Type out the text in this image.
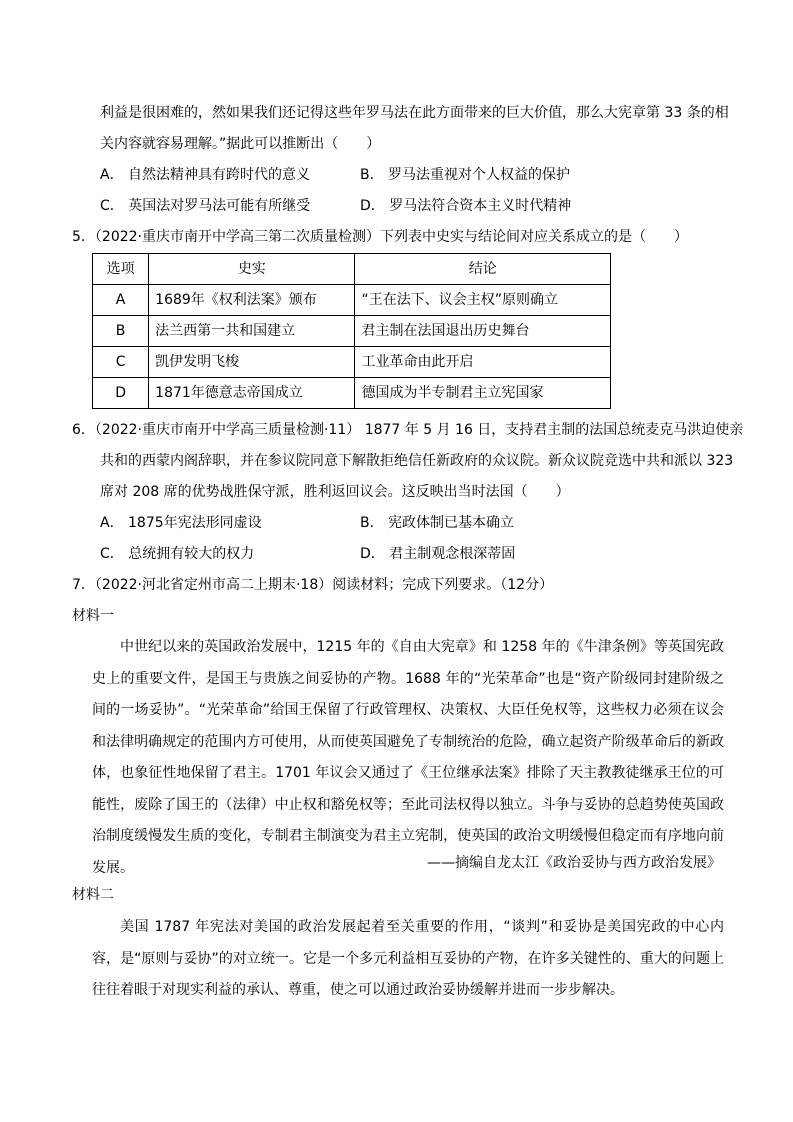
利益是很困难的，然如果我们还记得这些年罗马法在此方面带来的巨大价值，那么大宪章第 33 条的相
关内容就容易理解。”据此可以推断出（　　）
A． 自然法精神具有跨时代的意义	B． 罗马法重视对个人权益的保护
C． 英国法对罗马法可能有所继受	D． 罗马法符合资本主义时代精神
5．（2022·重庆市南开中学高三第二次质量检测）下列表中史实与结论间对应关系成立的是（　　）
选项	史实	结论
A	1689年《权利法案》颁布	“王在法下、议会主权”原则确立
B	法兰西第一共和国建立	君主制在法国退出历史舞台
C	凯伊发明飞梭	工业革命由此开启
D	1871年德意志帝国成立	德国成为半专制君主立宪国家
6．（2022·重庆市南开中学高三质量检测·11） 1877 年 5 月 16 日，支持君主制的法国总统麦克马洪迫使亲
共和的西蒙内阁辞职，并在参议院同意下解散拒绝信任新政府的众议院。新众议院竞选中共和派以 323
席对 208 席的优势战胜保守派，胜利返回议会。这反映出当时法国（　　）
A． 1875年宪法形同虚设	B． 宪政体制已基本确立
C． 总统拥有较大的权力	D． 君主制观念根深蒂固
7．（2022·河北省定州市高二上期末·18）阅读材料；完成下列要求。（12分）
材料一
中世纪以来的英国政治发展中，1215 年的《自由大宪章》和 1258 年的《牛津条例》等英国宪政史上的重要文件，是国王与贵族之间妥协的产物。1688 年的“光荣革命”也是“资产阶级同封建阶级之间的一场妥协”。“光荣革命”给国王保留了行政管理权、决策权、大臣任免权等，这些权力必须在议会和法律明确规定的范围内方可使用，从而使英国避免了专制统治的危险，确立起资产阶级革命后的新政体，也象征性地保留了君主。1701 年议会又通过了《王位继承法案》排除了天主教教徒继承王位的可能性，废除了国王的（法律）中止权和豁免权等；至此司法权得以独立。斗争与妥协的总趋势使英国政治制度缓慢发生质的变化，专制君主制演变为君主立宪制，使英国的政治文明缓慢但稳定而有序地向前发展。	——摘编自龙太江《政治妥协与西方政治发展》
材料二
美国 1787 年宪法对美国的政治发展起着至关重要的作用，“谈判”和妥协是美国宪政的中心内容，是“原则与妥协”的对立统一。它是一个多元利益相互妥协的产物，在许多关键性的、重大的问题上往往着眼于对现实利益的承认、尊重，使之可以通过政治妥协缓解并进而一步步解决。
